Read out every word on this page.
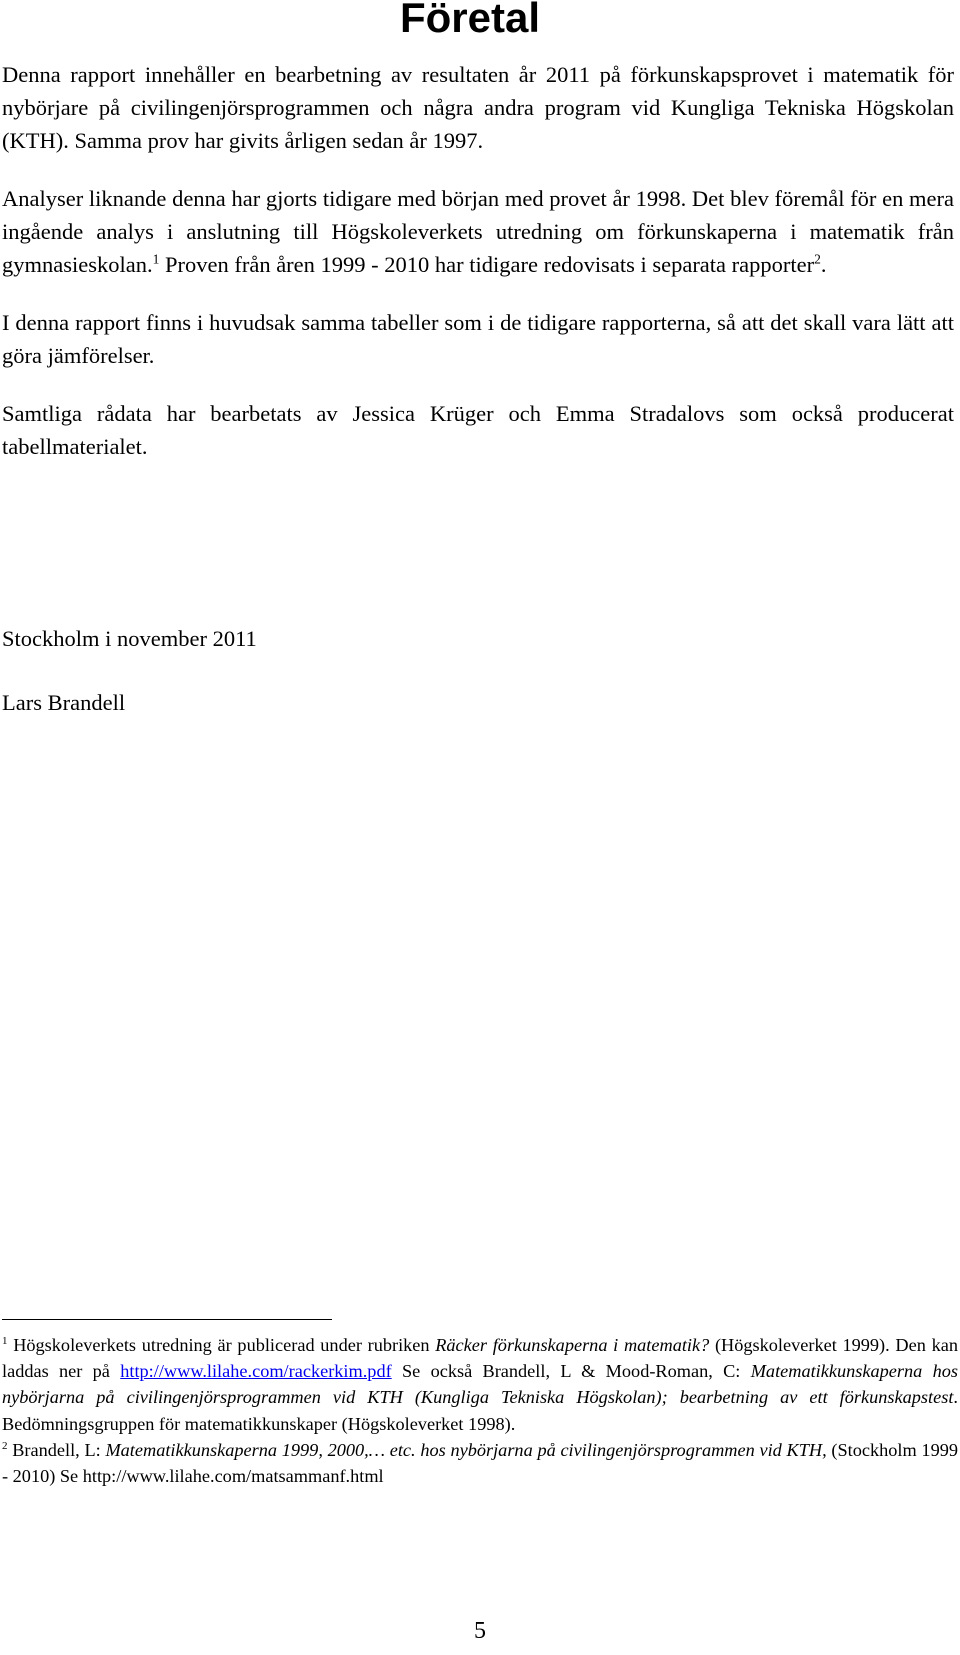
Företal

Denna rapport innehåller en bearbetning av resultaten år 2011 på förkunskapsprovet i matematik för nybörjare på civilingenjörsprogrammen och några andra program vid Kungliga Tekniska Högskolan (KTH). Samma prov har givits årligen sedan år 1997.

Analyser liknande denna har gjorts tidigare med början med provet år 1998. Det blev föremål för en mera ingående analys i anslutning till Högskoleverkets utredning om förkunskaperna i matematik från gymnasieskolan.$^1$ Proven från åren 1999 - 2010 har tidigare redovisats i separata rapporter$^2$.

I denna rapport finns i huvudsak samma tabeller som i de tidigare rapporterna, så att det skall vara lätt att göra jämförelser.

Samtliga rådata har bearbetats av Jessica Krüger och Emma Stradalovs som också producerat tabellmaterialet.

Stockholm i november 2011

Lars Brandell

$^1$ Högskoleverkets utredning är publicerad under rubriken Räcker förkunskaperna i matematik? (Högskoleverket 1999). Den kan laddas ner på http://www.lilahe.com/rackerkim.pdf Se också Brandell, L & Mood-Roman, C: Matematikkunskaperna hos nybörjarna på civilingenjörsprogrammen vid KTH (Kungliga Tekniska Högskolan); bearbetning av ett förkunskapstest. Bedömningsgruppen för matematikkunskaper (Högskoleverket 1998).

$^2$ Brandell, L: Matematikkunskaperna 1999, 2000,… etc. hos nybörjarna på civilingenjörsprogrammen vid KTH, (Stockholm 1999 - 2010) Se http://www.lilahe.com/matsammanf.html

5
